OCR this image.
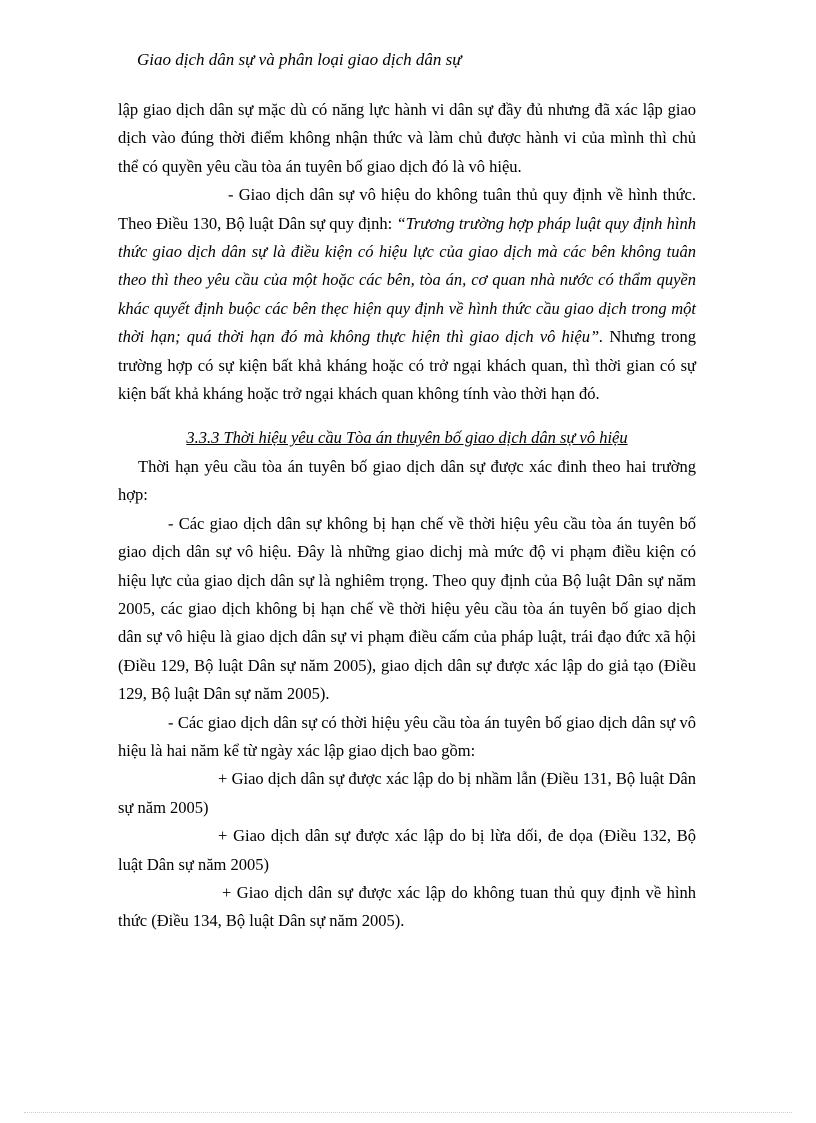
Giao dịch dân sự và phân loại giao dịch dân sự

lập giao dịch dân sự mặc dù có năng lực hành vi dân sự đầy đủ nhưng đã xác lập giao dịch vào đúng thời điểm không nhận thức và làm chủ được hành vi của mình thì chủ thể có quyền yêu cầu tòa án tuyên bố giao dịch đó là vô hiệu.

- Giao dịch dân sự vô hiệu do không tuân thủ quy định về hình thức. Theo Điều 130, Bộ luật Dân sự quy định: “Trương trường hợp pháp luật quy định hình thức giao dịch dân sự là điều kiện có hiệu lực của giao dịch mà các bên không tuân theo thì theo yêu cầu của một hoặc các bên, tòa án, cơ quan nhà nước có thẩm quyền khác quyết định buộc các bên thẹc hiện quy định về hình thức cầu giao dịch trong một thời hạn; quá thời hạn đó mà không thực hiện thì giao dịch vô hiệu”. Nhưng trong trường hợp có sự kiện bất khả kháng hoặc có trở ngại khách quan, thì thời gian có sự kiện bất khả kháng hoặc trở ngại khách quan không tính vào thời hạn đó.

3.3.3 Thời hiệu yêu cầu Tòa án thuyên bố giao dịch dân sự vô hiệu

Thời hạn yêu cầu tòa án tuyên bố giao dịch dân sự được xác đinh theo hai trường hợp:

- Các giao dịch dân sự không bị hạn chế về thời hiệu yêu cầu tòa án tuyên bố giao dịch dân sự vô hiệu. Đây là những giao dichj mà mức độ vi phạm điều kiện có hiệu lực của giao dịch dân sự là nghiêm trọng. Theo quy định của Bộ luật Dân sự năm 2005, các giao dịch không bị hạn chế về thời hiệu yêu cầu tòa án tuyên bố giao dịch dân sự vô hiệu là giao dịch dân sự vi phạm điều cấm của pháp luật, trái đạo đức xã hội (Điều 129, Bộ luật Dân sự năm 2005), giao dịch dân sự được xác lập do giả tạo (Điều 129, Bộ luật Dân sự năm 2005).

- Các giao dịch dân sự có thời hiệu yêu cầu tòa án tuyên bố giao dịch dân sự vô hiệu là hai năm kể từ ngày xác lập giao dịch bao gồm:

+ Giao dịch dân sự được xác lập do bị nhầm lẫn (Điều 131, Bộ luật Dân sự năm 2005)

+ Giao dịch dân sự được xác lập do bị lừa dối, đe dọa (Điều 132, Bộ luật Dân sự năm 2005)

+ Giao dịch dân sự được xác lập do không tuan thủ quy định về hình thức (Điều 134, Bộ luật Dân sự năm 2005).
